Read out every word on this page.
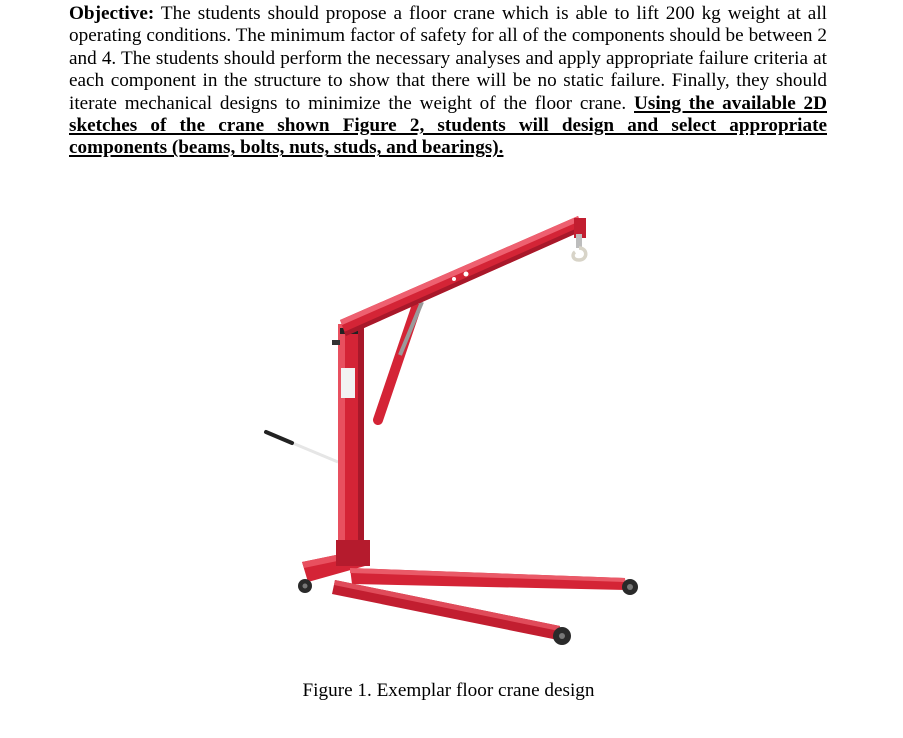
Objective: The students should propose a floor crane which is able to lift 200 kg weight at all operating conditions. The minimum factor of safety for all of the components should be between 2 and 4. The students should perform the necessary analyses and apply appropriate failure criteria at each component in the structure to show that there will be no static failure. Finally, they should iterate mechanical designs to minimize the weight of the floor crane. Using the available 2D sketches of the crane shown Figure 2, students will design and select appropriate components (beams, bolts, nuts, studs, and bearings).

Figure 1. Exemplar floor crane design
